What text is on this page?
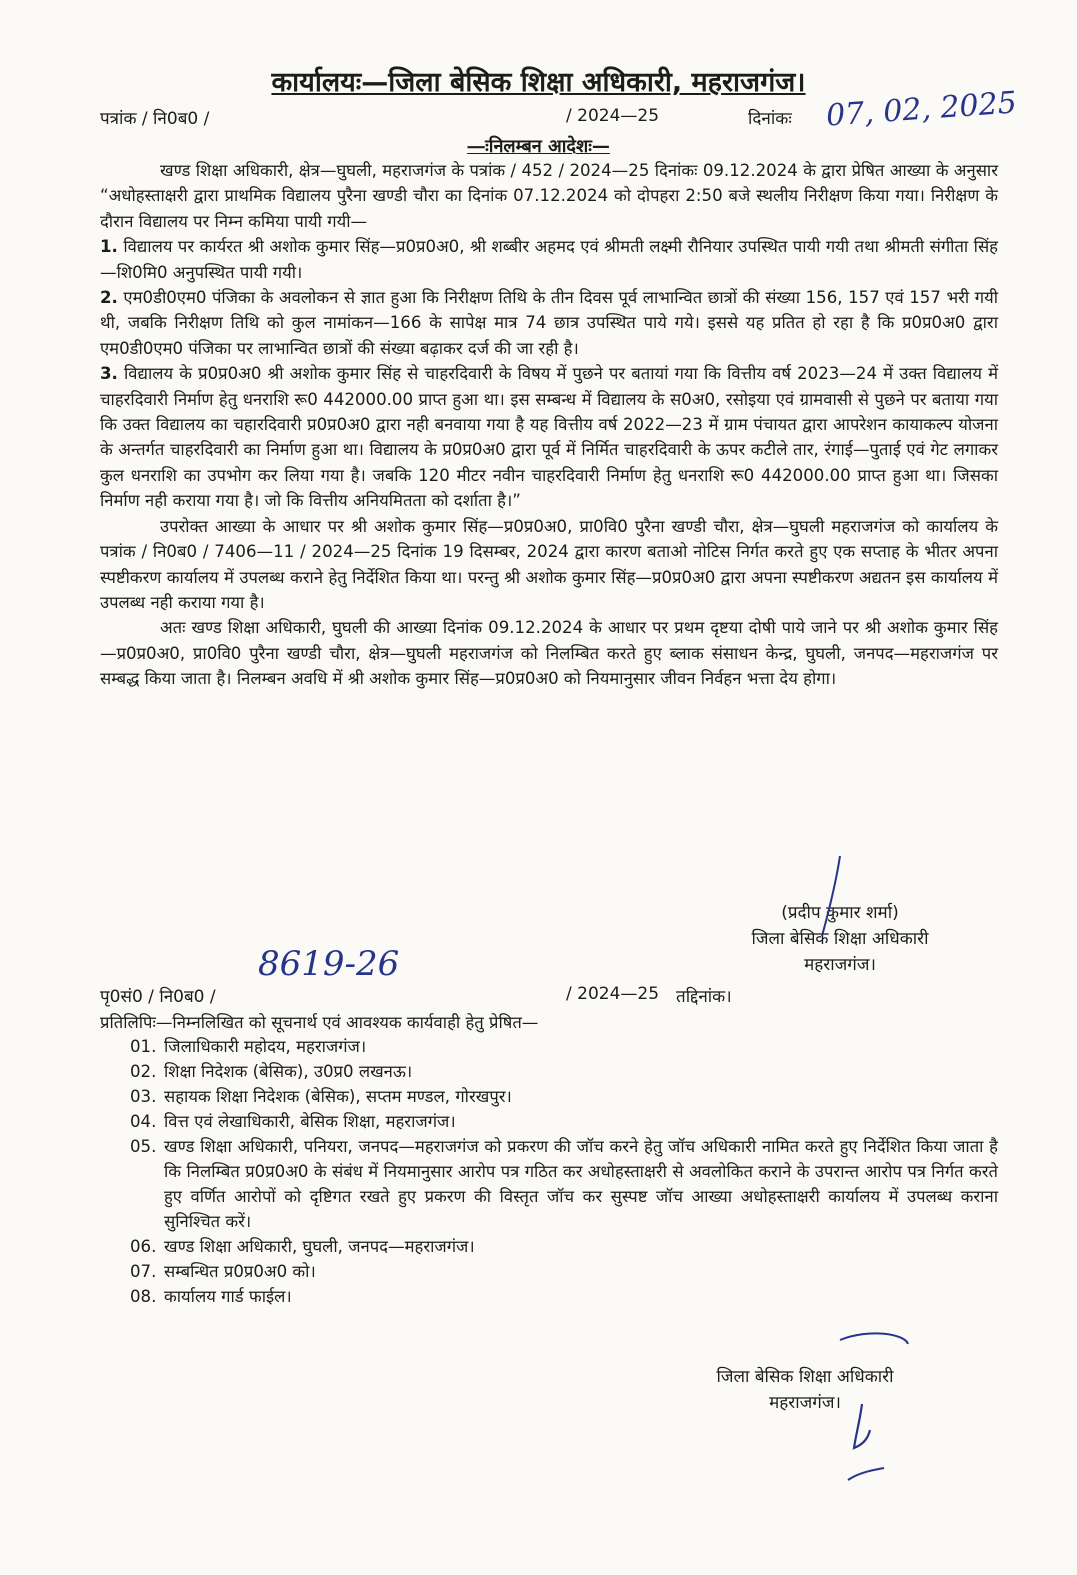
कार्यालयः—जिला बेसिक शिक्षा अधिकारी, महराजगंज।
पत्रांक / नि0ब0 /	/ 2024—25	दिनांकः 07, 02, 2025
—ःनिलम्बन आदेशः—

खण्ड शिक्षा अधिकारी, क्षेत्र—घुघली, महराजगंज के पत्रांक / 452 / 2024—25 दिनांकः 09.12.2024 के द्वारा प्रेषित आख्या के अनुसार “अधोहस्ताक्षरी द्वारा प्राथमिक विद्यालय पुरैना खण्डी चौरा का दिनांक 07.12.2024 को दोपहरा 2:50 बजे स्थलीय निरीक्षण किया गया। निरीक्षण के दौरान विद्यालय पर निम्न कमिया पायी गयी—

1. विद्यालय पर कार्यरत श्री अशोक कुमार सिंह—प्र0प्र0अ0, श्री शब्बीर अहमद एवं श्रीमती लक्ष्मी रौनियार उपस्थित पायी गयी तथा श्रीमती संगीता सिंह—शि0मि0 अनुपस्थित पायी गयी।

2. एम0डी0एम0 पंजिका के अवलोकन से ज्ञात हुआ कि निरीक्षण तिथि के तीन दिवस पूर्व लाभान्वित छात्रों की संख्या 156, 157 एवं 157 भरी गयी थी, जबकि निरीक्षण तिथि को कुल नामांकन—166 के सापेक्ष मात्र 74 छात्र उपस्थित पाये गये। इससे यह प्रतित हो रहा है कि प्र0प्र0अ0 द्वारा एम0डी0एम0 पंजिका पर लाभान्वित छात्रों की संख्या बढ़ाकर दर्ज की जा रही है।

3. विद्यालय के प्र0प्र0अ0 श्री अशोक कुमार सिंह से चाहरदिवारी के विषय में पुछने पर बतायां गया कि वित्तीय वर्ष 2023—24 में उक्त विद्यालय में चाहरदिवारी निर्माण हेतु धनराशि रू0 442000.00 प्राप्त हुआ था। इस सम्बन्ध में विद्यालय के स0अ0, रसोइया एवं ग्रामवासी से पुछने पर बताया गया कि उक्त विद्यालय का चहारदिवारी प्र0प्र0अ0 द्वारा नही बनवाया गया है यह वित्तीय वर्ष 2022—23 में ग्राम पंचायत द्वारा आपरेशन कायाकल्प योजना के अन्तर्गत चाहरदिवारी का निर्माण हुआ था। विद्यालय के प्र0प्र0अ0 द्वारा पूर्व में निर्मित चाहरदिवारी के ऊपर कटीले तार, रंगाई—पुताई एवं गेट लगाकर कुल धनराशि का उपभोग कर लिया गया है। जबकि 120 मीटर नवीन चाहरदिवारी निर्माण हेतु धनराशि रू0 442000.00 प्राप्त हुआ था। जिसका निर्माण नही कराया गया है। जो कि वित्तीय अनियमितता को दर्शाता है।”

उपरोक्त आख्या के आधार पर श्री अशोक कुमार सिंह—प्र0प्र0अ0, प्रा0वि0 पुरैना खण्डी चौरा, क्षेत्र—घुघली महराजगंज को कार्यालय के पत्रांक / नि0ब0 / 7406—11 / 2024—25 दिनांक 19 दिसम्बर, 2024 द्वारा कारण बताओ नोटिस निर्गत करते हुए एक सप्ताह के भीतर अपना स्पष्टीकरण कार्यालय में उपलब्ध कराने हेतु निर्देशित किया था। परन्तु श्री अशोक कुमार सिंह—प्र0प्र0अ0 द्वारा अपना स्पष्टीकरण अद्यतन इस कार्यालय में उपलब्ध नही कराया गया है।

अतः खण्ड शिक्षा अधिकारी, घुघली की आख्या दिनांक 09.12.2024 के आधार पर प्रथम दृष्टया दोषी पाये जाने पर श्री अशोक कुमार सिंह—प्र0प्र0अ0, प्रा0वि0 पुरैना खण्डी चौरा, क्षेत्र—घुघली महराजगंज को निलम्बित करते हुए ब्लाक संसाधन केन्द्र, घुघली, जनपद—महराजगंज पर सम्बद्ध किया जाता है। निलम्बन अवधि में श्री अशोक कुमार सिंह—प्र0प्र0अ0 को नियमानुसार जीवन निर्वहन भत्ता देय होगा।

(प्रदीप कुमार शर्मा)
जिला बेसिक शिक्षा अधिकारी
महराजगंज।
पृ0सं0 / नि0ब0 /
8619-26
/ 2024—25 तद्दिनांक।
प्रतिलिपिः—निम्नलिखित को सूचनार्थ एवं आवश्यक कार्यवाही हेतु प्रेषित—
01. जिलाधिकारी महोदय, महराजगंज।
02. शिक्षा निदेशक (बेसिक), उ0प्र0 लखनऊ।
03. सहायक शिक्षा निदेशक (बेसिक), सप्तम मण्डल, गोरखपुर।
04. वित्त एवं लेखाधिकारी, बेसिक शिक्षा, महराजगंज।
05. खण्ड शिक्षा अधिकारी, पनियरा, जनपद—महराजगंज को प्रकरण की जॉच करने हेतु जॉच अधिकारी नामित करते हुए निर्देशित किया जाता है कि निलम्बित प्र0प्र0अ0 के संबंध में नियमानुसार आरोप पत्र गठित कर अधोहस्ताक्षरी से अवलोकित कराने के उपरान्त आरोप पत्र निर्गत करते हुए वर्णित आरोपों को दृष्टिगत रखते हुए प्रकरण की विस्तृत जॉच कर सुस्पष्ट जॉच आख्या अधोहस्ताक्षरी कार्यालय में उपलब्ध कराना सुनिश्चित करें।
06. खण्ड शिक्षा अधिकारी, घुघली, जनपद—महराजगंज।
07. सम्बन्धित प्र0प्र0अ0 को।
08. कार्यालय गार्ड फाईल।
जिला बेसिक शिक्षा अधिकारी
महराजगंज।
